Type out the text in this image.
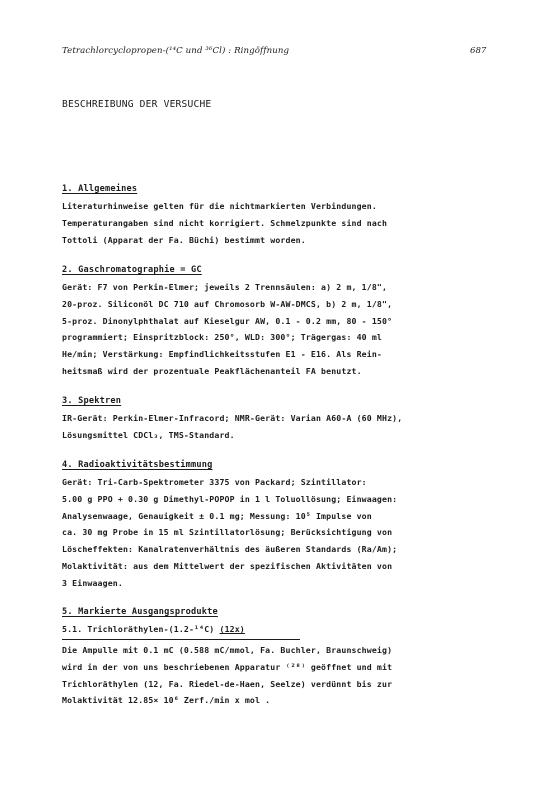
Tetrachlorcyclopropen-(¹⁴C und ³⁶Cl) : Ringöffnung	687
BESCHREIBUNG DER VERSUCHE
1. Allgemeines
Literaturhinweise gelten für die nichtmarkierten Verbindungen.
Temperaturangaben sind nicht korrigiert. Schmelzpunkte sind nach
Tottoli (Apparat der Fa. Büchi) bestimmt worden.
2. Gaschromatographie = GC
Gerät: F7 von Perkin-Elmer; jeweils 2 Trennsäulen: a) 2 m, 1/8",
20-proz. Siliconöl DC 710 auf Chromosorb W-AW-DMCS, b) 2 m, 1/8",
5-proz. Dinonylphthalat auf Kieselgur AW, 0.1 - 0.2 mm, 80 - 150°
programmiert; Einspritzblock: 250°, WLD: 300°; Trägergas: 40 ml
He/min; Verstärkung: Empfindlichkeitsstufen E1 - E16. Als Rein-
heitsmaß wird der prozentuale Peakflächenanteil FA benutzt.
3. Spektren
IR-Gerät: Perkin-Elmer-Infracord; NMR-Gerät: Varian A60-A (60 MHz),
Lösungsmittel CDCl₃, TMS-Standard.
4. Radioaktivitätsbestimmung
Gerät: Tri-Carb-Spektrometer 3375 von Packard; Szintillator:
5.00 g PPO + 0.30 g Dimethyl-POPOP in 1 l Toluollösung; Einwaagen:
Analysenwaage, Genauigkeit ± 0.1 mg; Messung: 10⁵ Impulse von
ca. 30 mg Probe in 15 ml Szintillatorlösung; Berücksichtigung von
Löscheffekten: Kanalratenverhältnis des äußeren Standards (Ra/Am);
Molaktivität: aus dem Mittelwert der spezifischen Aktivitäten von
3 Einwaagen.
5. Markierte Ausgangsprodukte
5.1. Trichloräthylen-(1.2-¹⁴C) (12x)
Die Ampulle mit 0.1 mC (0.588 mC/mmol, Fa. Buchler, Braunschweig)
wird in der von uns beschriebenen Apparatur ⁽²⁸⁾ geöffnet und mit
Trichloräthylen (12, Fa. Riedel-de-Haen, Seelze) verdünnt bis zur
Molaktivität 12.85× 10⁶ Zerf./min x mol .
